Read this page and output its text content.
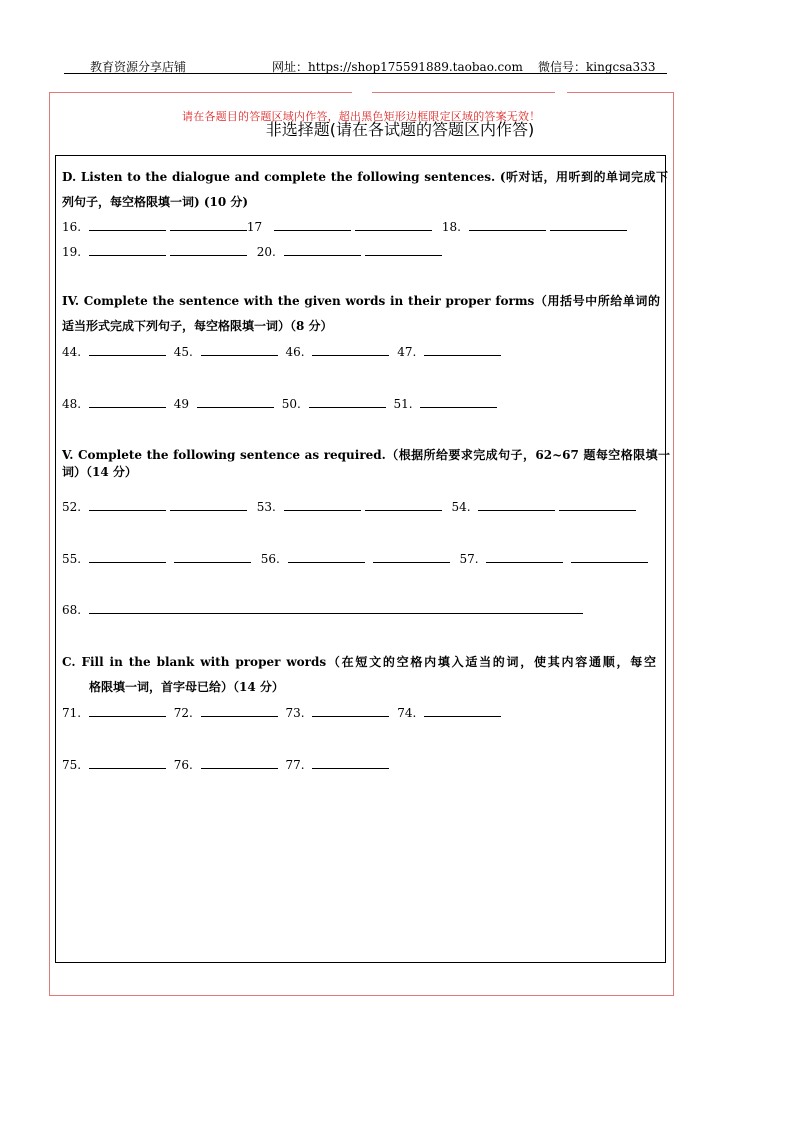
教育资源分享店铺	网址：https://shop175591889.taobao.com 微信号：kingcsa333
请在各题目的答题区域内作答，超出黑色矩形边框限定区域的答案无效！
非选择题(请在各试题的答题区内作答)
D. Listen to the dialogue and complete the following sentences. (听对话，用听到的单词完成下
列句子，每空格限填一词) (10 分)
16.	17	18.
19.	20.
IV. Complete the sentence with the given words in their proper forms（用括号中所给单词的
适当形式完成下列句子，每空格限填一词）（8 分）
44.	45.	46.	47.
48.	49	50.	51.
V. Complete the following sentence as required.（根据所给要求完成句子，62~67 题每空格限填一
词）（14 分）
52.	53.	54.
55.	56.	57.
68.
C. Fill in the blank with proper words（在短文的空格内填入适当的词，使其内容通顺，每空
格限填一词，首字母已给）（14 分）
71.	72.	73.	74.
75.	76.	77.
